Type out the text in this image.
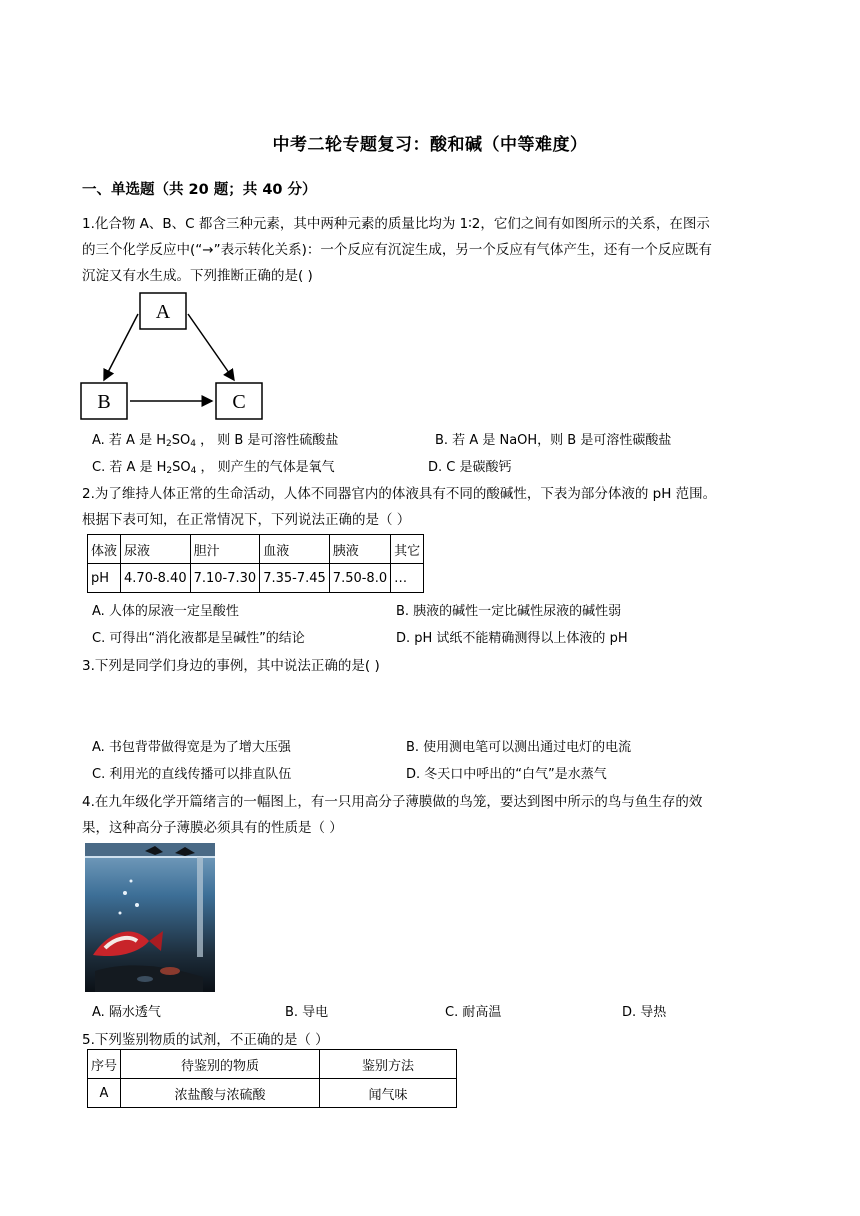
中考二轮专题复习：酸和碱（中等难度）
一、单选题（共 20 题；共 40 分）
1.化合物 A、B、C 都含三种元素，其中两种元素的质量比均为 1∶2，它们之间有如图所示的关系，在图示
的三个化学反应中(“→”表示转化关系)：一个反应有沉淀生成，另一个反应有气体产生，还有一个反应既有
沉淀又有水生成。下列推断正确的是( )
A
B	C
A. 若 A 是 $H_2SO_4$ ， 则 B 是可溶性硫酸盐	B. 若 A 是 NaOH，则 B 是可溶性碳酸盐
C. 若 A 是 $H_2SO_4$ ， 则产生的气体是氧气	D. C 是碳酸钙
2.为了维持人体正常的生命活动，人体不同器官内的体液具有不同的酸碱性，下表为部分体液的 pH 范围。
根据下表可知，在正常情况下，下列说法正确的是（ ）
体液	尿液	胆汁	血液	胰液	其它
pH	4.70-8.40	7.10-7.30	7.35-7.45	7.50-8.0	…
A. 人体的尿液一定呈酸性	B. 胰液的碱性一定比碱性尿液的碱性弱
C. 可得出“消化液都是呈碱性”的结论	D. pH 试纸不能精确测得以上体液的 pH
3.下列是同学们身边的事例，其中说法正确的是( )
A. 书包背带做得宽是为了增大压强	B. 使用测电笔可以测出通过电灯的电流
C. 利用光的直线传播可以排直队伍	D. 冬天口中呼出的“白气”是水蒸气
4.在九年级化学开篇绪言的一幅图上，有一只用高分子薄膜做的鸟笼，要达到图中所示的鸟与鱼生存的效
果，这种高分子薄膜必须具有的性质是（ ）
A. 隔水透气	B. 导电	C. 耐高温	D. 导热
5.下列鉴别物质的试剂，不正确的是（ ）
序号	待鉴别的物质	鉴别方法
A	浓盐酸与浓硫酸	闻气味
